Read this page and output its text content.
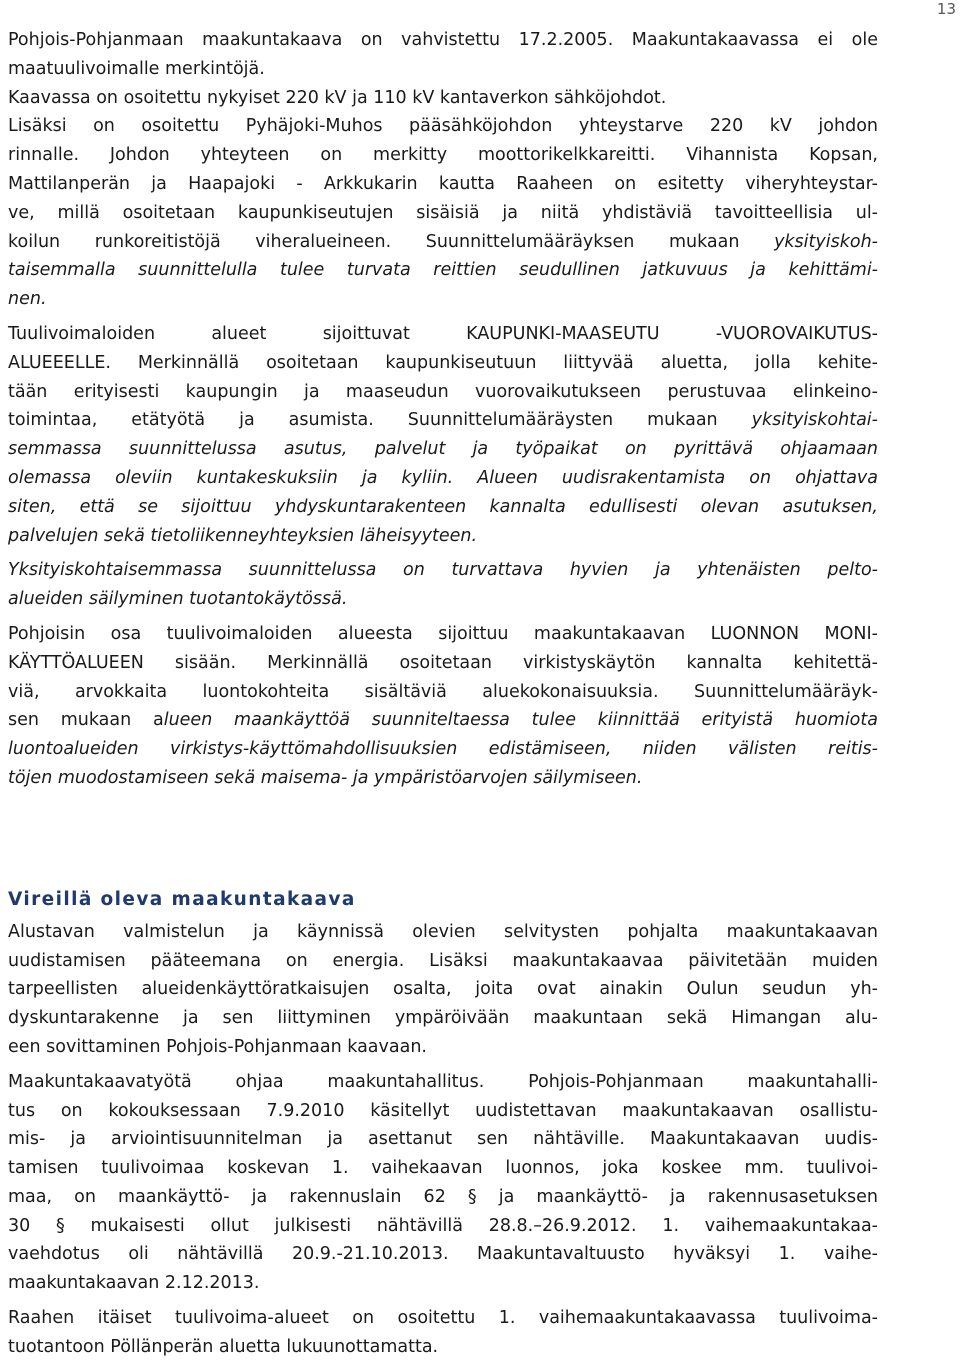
13
Pohjois-Pohjanmaan maakuntakaava on vahvistettu 17.2.2005. Maakuntakaavassa ei ole
maatuulivoimalle merkintöjä.
Kaavassa on osoitettu nykyiset 220 kV ja 110 kV kantaverkon sähköjohdot.
Lisäksi on osoitettu Pyhäjoki-Muhos pääsähköjohdon yhteystarve 220 kV johdon
rinnalle. Johdon yhteyteen on merkitty moottorikelkkareitti. Vihannista Kopsan,
Mattilanperän ja Haapajoki - Arkkukarin kautta Raaheen on esitetty viheryhteystar-
ve, millä osoitetaan kaupunkiseutujen sisäisiä ja niitä yhdistäviä tavoitteellisia ul-
koilun runkoreitistöjä viheralueineen. Suunnittelumääräyksen mukaan yksityiskoh-
taisemmalla suunnittelulla tulee turvata reittien seudullinen jatkuvuus ja kehittämi-
nen.
Tuulivoimaloiden alueet sijoittuvat KAUPUNKI-MAASEUTU -VUOROVAIKUTUS-
ALUEEELLE. Merkinnällä osoitetaan kaupunkiseutuun liittyvää aluetta, jolla kehite-
tään erityisesti kaupungin ja maaseudun vuorovaikutukseen perustuvaa elinkeino-
toimintaa, etätyötä ja asumista. Suunnittelumääräysten mukaan yksityiskohtai-
semmassa suunnittelussa asutus, palvelut ja työpaikat on pyrittävä ohjaamaan
olemassa oleviin kuntakeskuksiin ja kyliin. Alueen uudisrakentamista on ohjattava
siten, että se sijoittuu yhdyskuntarakenteen kannalta edullisesti olevan asutuksen,
palvelujen sekä tietoliikenneyhteyksien läheisyyteen.
Yksityiskohtaisemmassa suunnittelussa on turvattava hyvien ja yhtenäisten pelto-
alueiden säilyminen tuotantokäytössä.
Pohjoisin osa tuulivoimaloiden alueesta sijoittuu maakuntakaavan LUONNON MONI-
KÄYTTÖALUEEN sisään. Merkinnällä osoitetaan virkistyskäytön kannalta kehitettä-
viä, arvokkaita luontokohteita sisältäviä aluekokonaisuuksia. Suunnittelumääräyk-
sen mukaan alueen maankäyttöä suunniteltaessa tulee kiinnittää erityistä huomiota
luontoalueiden virkistys-käyttömahdollisuuksien edistämiseen, niiden välisten reitis-
töjen muodostamiseen sekä maisema- ja ympäristöarvojen säilymiseen.
Vireillä oleva maakuntakaava
Alustavan valmistelun ja käynnissä olevien selvitysten pohjalta maakuntakaavan
uudistamisen pääteemana on energia. Lisäksi maakuntakaavaa päivitetään muiden
tarpeellisten alueidenkäyttöratkaisujen osalta, joita ovat ainakin Oulun seudun yh-
dyskuntarakenne ja sen liittyminen ympäröivään maakuntaan sekä Himangan alu-
een sovittaminen Pohjois-Pohjanmaan kaavaan.
Maakuntakaavatyötä ohjaa maakuntahallitus. Pohjois-Pohjanmaan maakuntahalli-
tus on kokouksessaan 7.9.2010 käsitellyt uudistettavan maakuntakaavan osallistu-
mis- ja arviointisuunnitelman ja asettanut sen nähtäville. Maakuntakaavan uudis-
tamisen tuulivoimaa koskevan 1. vaihekaavan luonnos, joka koskee mm. tuulivoi-
maa, on maankäyttö- ja rakennuslain 62 § ja maankäyttö- ja rakennusasetuksen
30 § mukaisesti ollut julkisesti nähtävillä 28.8.–26.9.2012. 1. vaihemaakuntakaa-
vaehdotus oli nähtävillä 20.9.-21.10.2013. Maakuntavaltuusto hyväksyi 1. vaihe-
maakuntakaavan 2.12.2013.
Raahen itäiset tuulivoima-alueet on osoitettu 1. vaihemaakuntakaavassa tuulivoima-
tuotantoon Pöllänperän aluetta lukuunottamatta.
